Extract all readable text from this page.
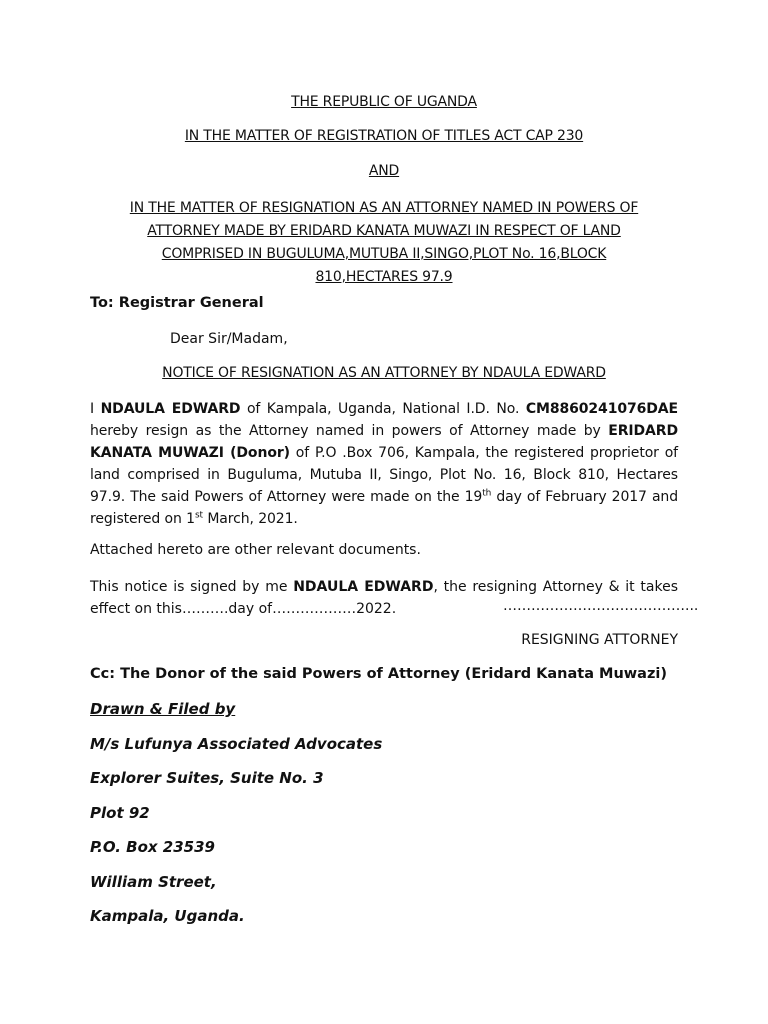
THE REPUBLIC OF UGANDA

IN THE MATTER OF REGISTRATION OF TITLES ACT CAP 230

AND

IN THE MATTER OF RESIGNATION AS AN ATTORNEY NAMED IN POWERS OF
ATTORNEY MADE BY ERIDARD KANATA MUWAZI IN RESPECT OF LAND
COMPRISED IN BUGULUMA,MUTUBA II,SINGO,PLOT No. 16,BLOCK
810,HECTARES 97.9
To: Registrar General
Dear Sir/Madam,

NOTICE OF RESIGNATION AS AN ATTORNEY BY NDAULA EDWARD

I NDAULA EDWARD of Kampala, Uganda, National I.D. No. CM8860241076DAE hereby resign as the Attorney named in powers of Attorney made by ERIDARD KANATA MUWAZI (Donor) of P.O .Box 706, Kampala, the registered proprietor of land comprised in Buguluma, Mutuba II, Singo, Plot No. 16, Block 810, Hectares 97.9. The said Powers of Attorney were made on the 19th day of February 2017 and registered on 1st March, 2021.
Attached hereto are other relevant documents.
This notice is signed by me NDAULA EDWARD, the resigning Attorney & it takes effect on this……….day of………………2022.	…………………………………...
RESIGNING ATTORNEY
Cc: The Donor of the said Powers of Attorney (Eridard Kanata Muwazi)
Drawn & Filed by
M/s Lufunya Associated Advocates
Explorer Suites, Suite No. 3
Plot 92
P.O. Box 23539
William Street,
Kampala, Uganda.
